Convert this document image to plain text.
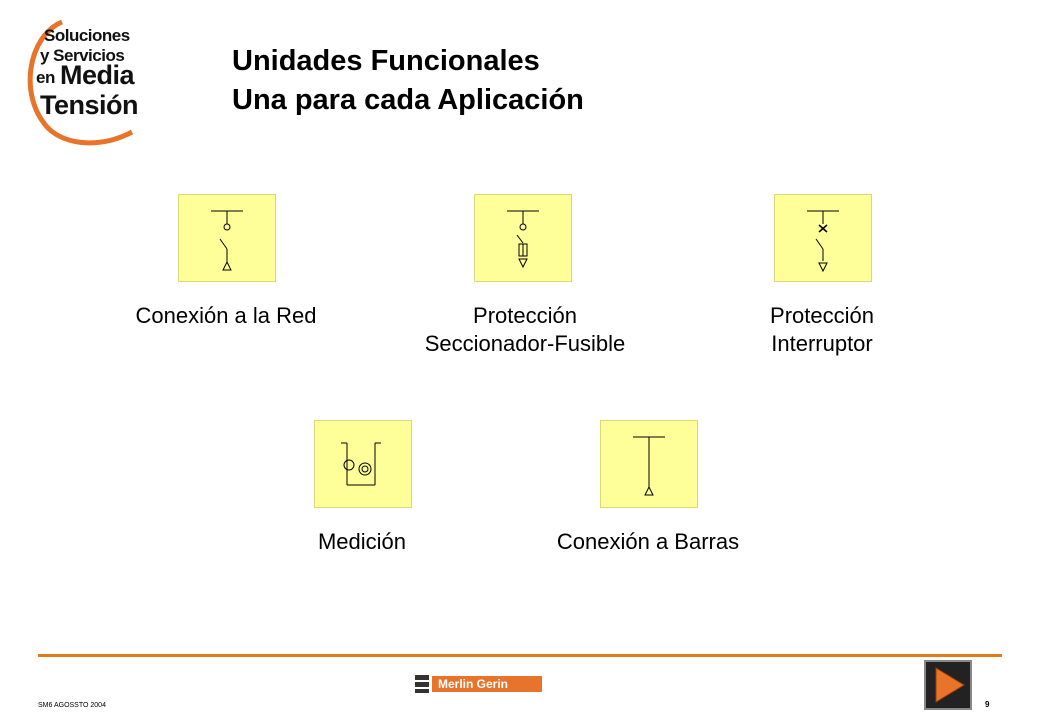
Soluciones
y Servicios
en Media
Tensión
Unidades Funcionales
Una para cada Aplicación
Conexión a la Red	Protección
Seccionador-Fusible
Protección
Interruptor
Medición	Conexión a Barras
Merlin Gerin
SM6 AGOSSTO 2004	9
